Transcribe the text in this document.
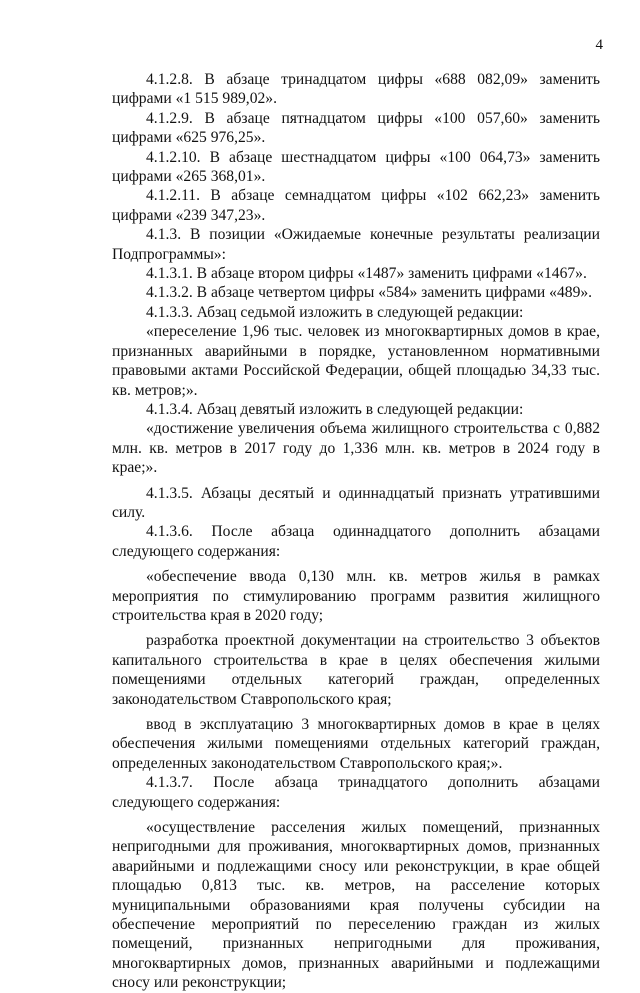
4

4.1.2.8. В абзаце тринадцатом цифры «688 082,09» заменить цифрами «1 515 989,02».

4.1.2.9. В абзаце пятнадцатом цифры «100 057,60» заменить цифрами «625 976,25».

4.1.2.10. В абзаце шестнадцатом цифры «100 064,73» заменить цифрами «265 368,01».

4.1.2.11. В абзаце семнадцатом цифры «102 662,23» заменить цифрами «239 347,23».

4.1.3. В позиции «Ожидаемые конечные результаты реализации Подпрограммы»:

4.1.3.1. В абзаце втором цифры «1487» заменить цифрами «1467».

4.1.3.2. В абзаце четвертом цифры «584» заменить цифрами «489».

4.1.3.3. Абзац седьмой изложить в следующей редакции:

«переселение 1,96 тыс. человек из многоквартирных домов в крае, признанных аварийными в порядке, установленном нормативными правовыми актами Российской Федерации, общей площадью 34,33 тыс. кв. метров;».

4.1.3.4. Абзац девятый изложить в следующей редакции:

«достижение увеличения объема жилищного строительства с 0,882 млн. кв. метров в 2017 году до 1,336 млн. кв. метров в 2024 году в крае;».

4.1.3.5. Абзацы десятый и одиннадцатый признать утратившими силу.

4.1.3.6. После абзаца одиннадцатого дополнить абзацами следующего содержания:

«обеспечение ввода 0,130 млн. кв. метров жилья в рамках мероприятия по стимулированию программ развития жилищного строительства края в 2020 году;

разработка проектной документации на строительство 3 объектов капитального строительства в крае в целях обеспечения жилыми помещениями отдельных категорий граждан, определенных законодательством Ставропольского края;

ввод в эксплуатацию 3 многоквартирных домов в крае в целях обеспечения жилыми помещениями отдельных категорий граждан, определенных законодательством Ставропольского края;».

4.1.3.7. После абзаца тринадцатого дополнить абзацами следующего содержания:

«осуществление расселения жилых помещений, признанных непригодными для проживания, многоквартирных домов, признанных аварийными и подлежащими сносу или реконструкции, в крае общей площадью 0,813 тыс. кв. метров, на расселение которых муниципальными образованиями края получены субсидии на обеспечение мероприятий по переселению граждан из жилых помещений, признанных непригодными для проживания, многоквартирных домов, признанных аварийными и подлежащими сносу или реконструкции;
